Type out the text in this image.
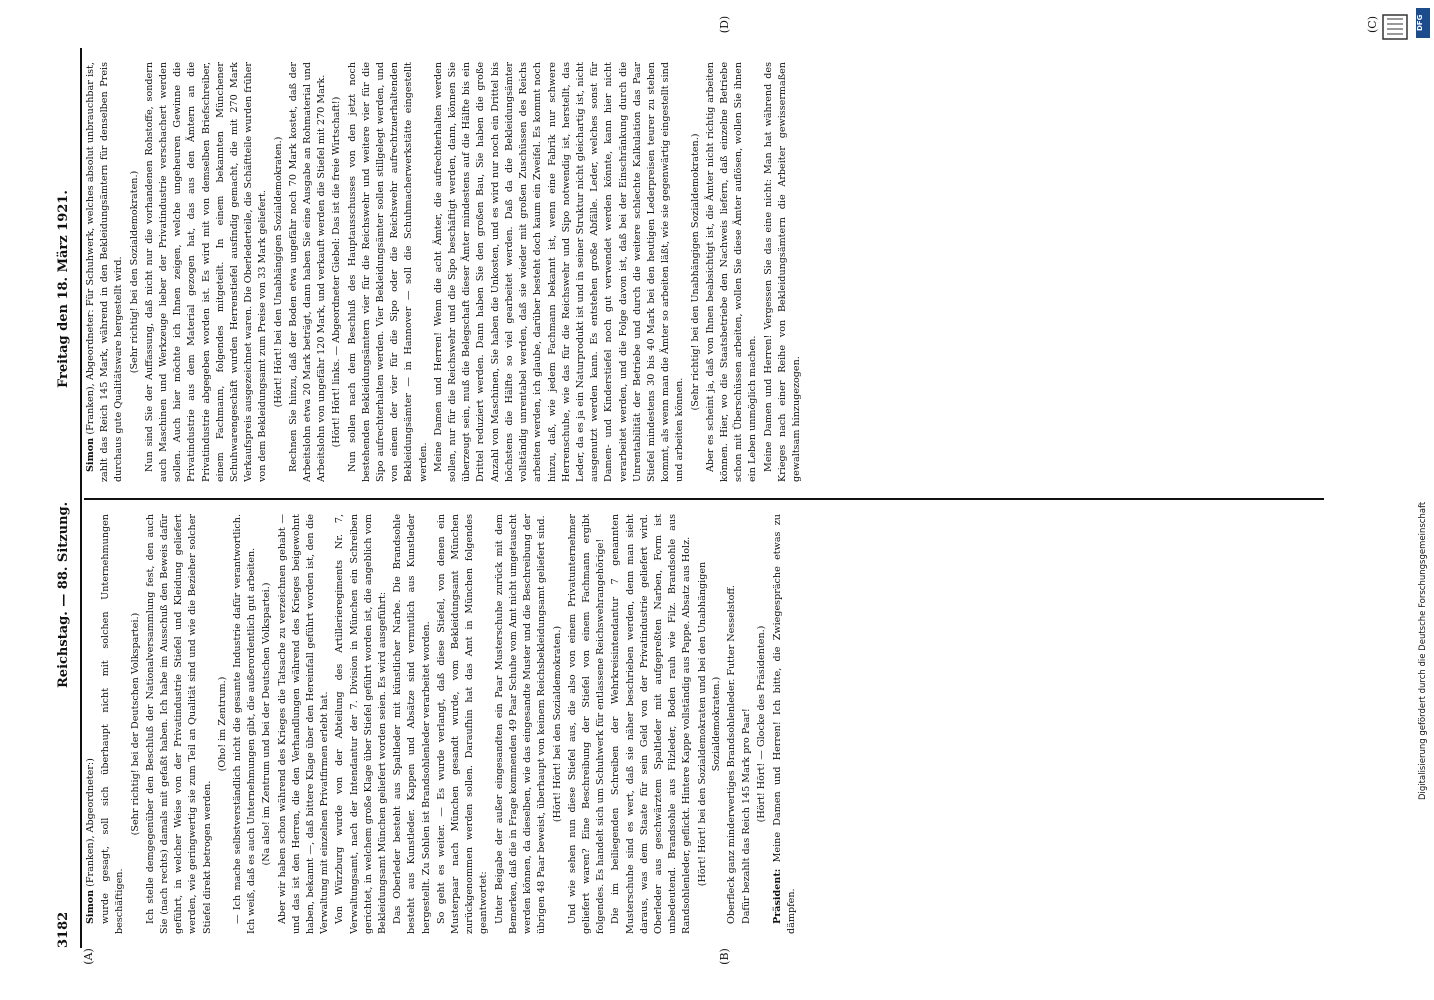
3182
Reichstag. — 88. Sitzung.
Freitag den 18. März 1921.

Simon (Franken), Abgeordneter:) wurde gesagt, soll sich überhaupt nicht mit solchen Unternehmungen beschäftigen.

(Sehr richtig! bei der Deutschen Volkspartei.) Ich stelle demgegenüber den Beschluß der Nationalversammlung fest, den auch Sie (nach rechts) damals mit gefaßt haben. Ich habe im Ausschuß den Beweis dafür geführt, in welcher Weise von der Privatindustrie Stiefel und Kleidung geliefert werden, wie geringwertig sie zum Teil an Qualität sind und wie die Bezieher solcher Stiefel direkt betrogen werden.

(Oho! im Zentrum.) — Ich mache selbstverständlich nicht die gesamte Industrie dafür verantwortlich. Ich weiß, daß es auch Unternehmungen gibt, die außerordentlich gut arbeiten. (Na also! im Zentrum und bei der Deutschen Volkspartei.) Aber wir haben schon während des Krieges die Tatsache zu verzeichnen gehabt — und das ist den Herren, die den Verhandlungen während des Krieges beigewohnt haben, bekannt —, daß bittere Klage über den Hereinfall geführt worden ist, den die Verwaltung mit einzelnen Privatfirmen erlebt hat. Von Würzburg wurde von der Abteilung des Artillerieregiments Nr. 7, Verwaltungsamt, nach der Intendantur der 7. Division in München ein Schreiben gerichtet, in welchem große Klage über Stiefel geführt worden ist, die angeblich vom Bekleidungsamt München geliefert worden seien. Es wird ausgeführt: Das Oberleder besteht aus Spaltleder mit künstlicher Narbe. Die Brandsohle besteht aus Kunstleder. Kappen und Absätze sind vermutlich aus Kunstleder hergestellt. Zu Sohlen ist Brandsohlenleder verarbeitet worden. So geht es weiter. — Es wurde verlangt, daß diese Stiefel, von denen ein Musterpaar nach München gesandt wurde, vom Bekleidungsamt München zurückgenommen werden sollen. Daraufhin hat das Amt in München folgendes geantwortet: Unter Beigabe der außer eingesandten ein Paar Musterschuhe zurück mit dem Bemerken, daß die in Frage kommenden 49 Paar Schuhe vom Amt nicht umgetauscht werden können, da dieselben, wie das eingesandte Muster und die Beschreibung der übrigen 48 Paar beweist, überhaupt von keinem Reichsbekleidungsamt geliefert sind. (Hört! Hört! bei den Sozialdemokraten.) Und wie sehen nun diese Stiefel aus, die also von einem Privatunternehmer geliefert waren? Eine Beschreibung der Stiefel von einem Fachmann ergibt folgendes. Es handelt sich um Schuhwerk für entlassene Reichswehrangehörige! Die im beiliegenden Schreiben der Wehrkreisintendantur 7 genannten Musterschuhe sind es wert, daß sie näher beschrieben werden, denn man sieht daraus, was dem Staate für sein Geld von der Privatindustrie geliefert wird. Oberleder aus geschwärztem Spaltleder mit aufgepreßten Narben, Form ist unbedeutend. Brandsohle aus Filzleder, Boden rauh wie Filz. Brandsohle aus Randsohlenleder, geflickt. Hintere Kappe vollständig aus Pappe. Absatz aus Holz. (Hört! Hört! bei den Sozialdemokraten und bei den Unabhängigen Sozialdemokraten.) Oberfleck ganz minderwertiges Brandsohlenleder. Futter Nesselstoff. Dafür bezahlt das Reich 145 Mark pro Paar! (Hört! Hört! — Glocke des Präsidenten.)

Präsident: Meine Damen und Herren! Ich bitte, die Zwiegespräche etwas zu dämpfen.

Simon (Franken), Abgeordneter: Für Schuhwerk, welches absolut unbrauchbar ist, zahlt das Reich 145 Mark, während in den Bekleidungsämtern für denselben Preis durchaus gute Qualitätsware hergestellt wird. (Sehr richtig! bei den Sozialdemokraten.) Nun sind Sie der Auffassung, daß nicht nur die vorhandenen Rohstoffe, sondern auch Maschinen und Werkzeuge lieber der Privatindustrie verschachert werden sollen. Auch hier möchte ich Ihnen zeigen, welche ungeheuren Gewinne die Privatindustrie aus dem Material gezogen hat, das aus den Ämtern an die Privatindustrie abgegeben worden ist. Es wird mit von demselben Briefschreiber, einem Fachmann, folgendes mitgeteilt. In einem bekannten Münchener Schuhwarengeschäft wurden Herrenstiefel ausfindig gemacht, die mit 270 Mark Verkaufspreis ausgezeichnet waren. Die Oberlederteile, die Schäftteile wurden früher von dem Bekleidungsamt zum Preise von 33 Mark geliefert. (Hört! Hört! bei den Unabhängigen Sozialdemokraten.) Rechnen Sie hinzu, daß der Boden etwa ungefähr noch 70 Mark kostet, daß der Arbeitslohn etwa 20 Mark beträgt, dann haben Sie eine Ausgabe an Rohmaterial und Arbeitslohn von ungefähr 120 Mark, und verkauft werden die Stiefel mit 270 Mark. (Hört! Hört! links. — Abgeordneter Giebel: Das ist die freie Wirtschaft!) Nun sollen nach dem Beschluß des Hauptausschusses von den jetzt noch bestehenden Bekleidungsämtern vier für die Reichswehr und weitere vier für die Sipo aufrechterhalten werden. Vier Bekleidungsämter sollen stillgelegt werden, und von einem der vier für die Sipo oder die Reichswehr aufrechtzuerhaltenden Bekleidungsämter — in Hannover — soll die Schuhmacherwerkstätte eingestellt werden. Meine Damen und Herren! Wenn die acht Ämter, die aufrechterhalten werden sollen, nur für die Reichswehr und die Sipo beschäftigt werden, dann, können Sie überzeugt sein, muß die Belegschaft dieser Ämter mindestens auf die Hälfte bis ein Drittel reduziert werden. Dann haben Sie den großen Bau, Sie haben die große Anzahl von Maschinen, Sie haben die Unkosten, und es wird nur noch ein Drittel bis höchstens die Hälfte so viel gearbeitet werden. Daß da die Bekleidungsämter vollständig unrentabel werden, daß sie wieder mit großen Zuschüssen des Reichs arbeiten werden, ich glaube, darüber besteht doch kaum ein Zweifel. Es kommt noch hinzu, daß, wie jedem Fachmann bekannt ist, wenn eine Fabrik nur schwere Herrenschuhe, wie das für die Reichswehr und Sipo notwendig ist, herstellt, das Leder, da es ja ein Naturprodukt ist und in seiner Struktur nicht gleichartig ist, nicht ausgenutzt werden kann. Es entstehen große Abfälle. Leder, welches sonst für Damen- und Kinderstiefel noch gut verwendet werden könnte, kann hier nicht verarbeitet werden, und die Folge davon ist, daß bei der Einschränkung durch die Unrentabilität der Betriebe und durch die weitere schlechte Kalkulation das Paar Stiefel mindestens 30 bis 40 Mark bei den heutigen Lederpreisen teurer zu stehen kommt, als wenn man die Ämter so arbeiten läßt, wie sie gegenwärtig eingestellt sind und arbeiten können.

(Sehr richtig! bei den Unabhängigen Sozialdemokraten.) Aber es scheint ja, daß von Ihnen beabsichtigt ist, die Ämter nicht richtig arbeiten können. Hier, wo die Staatsbetriebe den Nachweis liefern, daß einzelne Betriebe schon mit Überschüssen arbeiten, wollen Sie diese Ämter auflösen, wollen Sie ihnen ein Leben unmöglich machen. Meine Damen und Herren! Vergessen Sie das eine nicht: Man hat während des Krieges nach einer Reihe von Bekleidungsämtern die Arbeiter gewissermaßen gewaltsam hinzugezogen.

(A)	(B)
(C)
(D)	DFG
Digitalisierung gefördert durch die Deutsche Forschungsgemeinschaft
